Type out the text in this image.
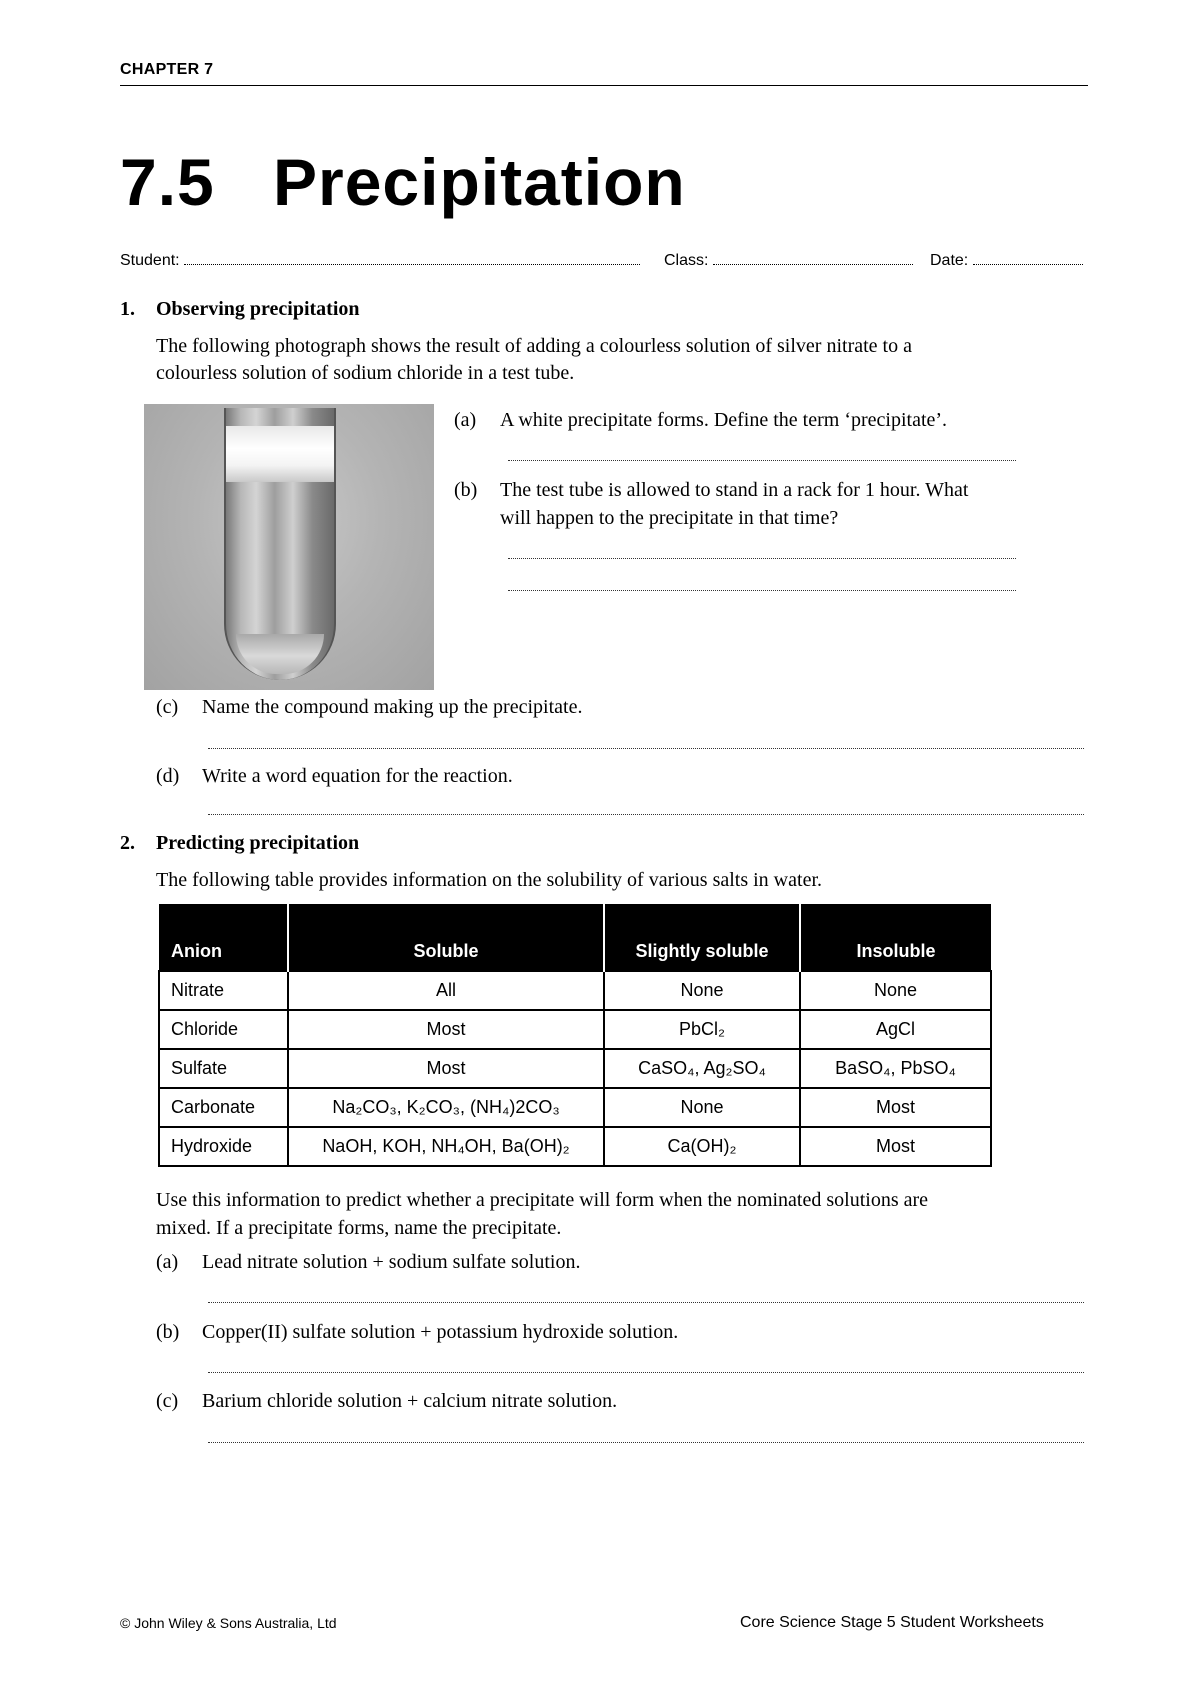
CHAPTER 7
7.5 Precipitation
Student:	Class:	Date:
1. Observing precipitation
The following photograph shows the result of adding a colourless solution of silver nitrate to a
colourless solution of sodium chloride in a test tube.
(a) A white precipitate forms. Define the term ‘precipitate’.
(b) The test tube is allowed to stand in a rack for 1 hour. What
will happen to the precipitate in that time?
(c) Name the compound making up the precipitate.
(d) Write a word equation for the reaction.
2. Predicting precipitation
The following table provides information on the solubility of various salts in water.
Anion	Soluble	Slightly soluble	Insoluble
Nitrate	All	None	None
Chloride	Most	PbCl₂	AgCl
Sulfate	Most	CaSO₄, Ag₂SO₄	BaSO₄, PbSO₄
Carbonate	Na₂CO₃, K₂CO₃, (NH₄)2CO₃	None	Most
Hydroxide	NaOH, KOH, NH₄OH, Ba(OH)₂	Ca(OH)₂	Most
Use this information to predict whether a precipitate will form when the nominated solutions are
mixed. If a precipitate forms, name the precipitate.
(a) Lead nitrate solution + sodium sulfate solution.
(b) Copper(II) sulfate solution + potassium hydroxide solution.
(c) Barium chloride solution + calcium nitrate solution.
© John Wiley & Sons Australia, Ltd	Core Science Stage 5 Student Worksheets
